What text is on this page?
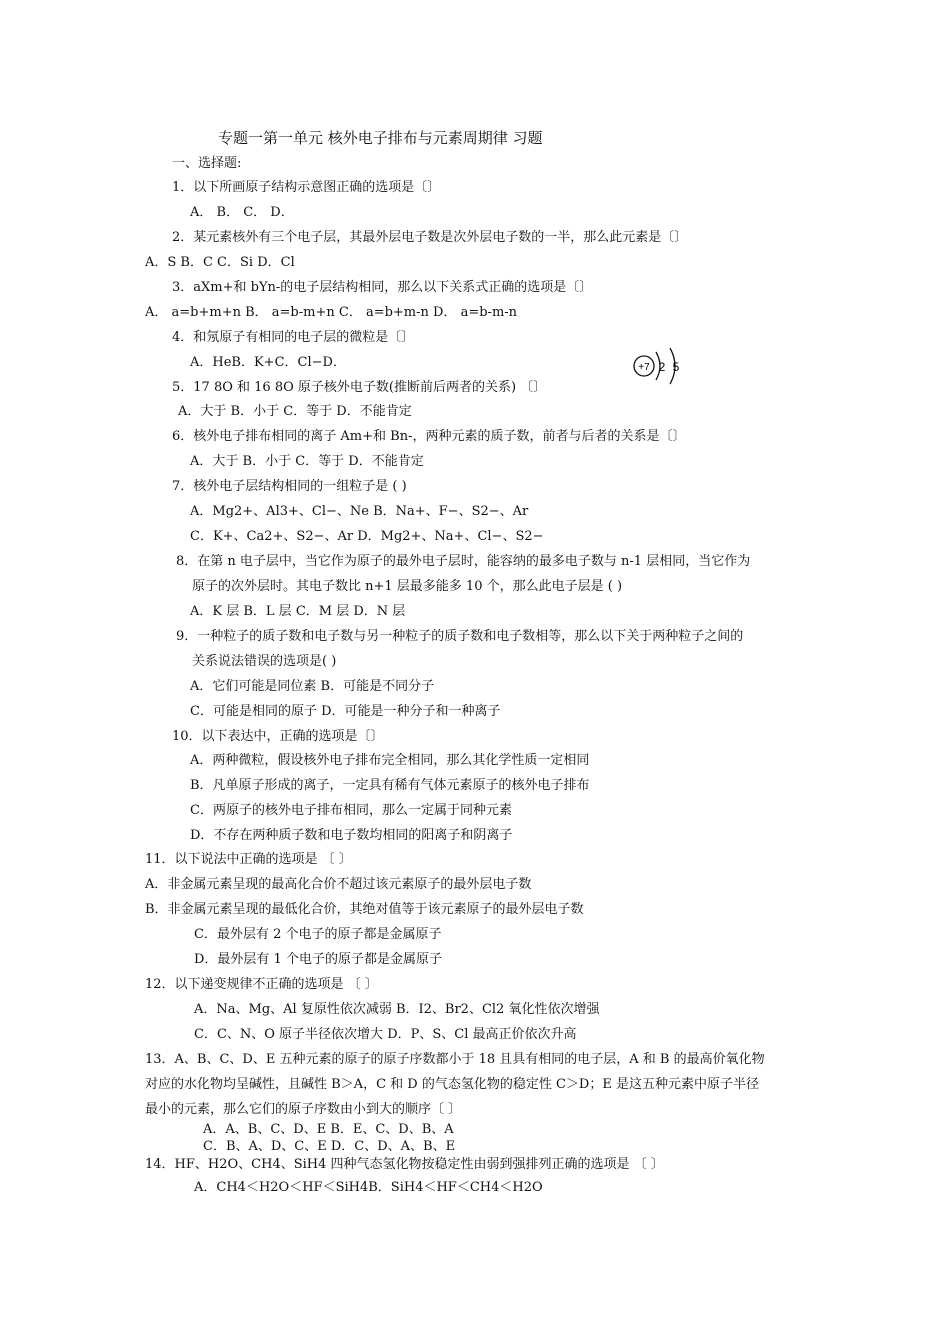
专题一第一单元 核外电子排布与元素周期律 习题
一、选择题:
1．以下所画原子结构示意图正确的选项是〔〕
A． B． C． D．
2．某元素核外有三个电子层，其最外层电子数是次外层电子数的一半，那么此元素是〔〕
A．S B．C C．Si D．Cl
3．aXm+和 bYn-的电子层结构相同，那么以下关系式正确的选项是〔〕
A． a=b+m+n B． a=b-m+n C． a=b+m-n D． a=b-m-n
4．和氖原子有相同的电子层的微粒是〔〕
A．HeB．K+C．Cl−D．
5．17 8O 和 16 8O 原子核外电子数(推断前后两者的关系) 〔〕
A．大于 B．小于 C．等于 D．不能肯定
6．核外电子排布相同的离子 Am+和 Bn-，两种元素的质子数，前者与后者的关系是〔〕
A．大于 B．小于 C．等于 D．不能肯定
7．核外电子层结构相同的一组粒子是 ( )
A．Mg2+、Al3+、Cl−、Ne B．Na+、F−、S2−、Ar
C．K+、Ca2+、S2−、Ar D．Mg2+、Na+、Cl−、S2−
8．在第 n 电子层中，当它作为原子的最外电子层时，能容纳的最多电子数与 n-1 层相同，当它作为
原子的次外层时。其电子数比 n+1 层最多能多 10 个，那么此电子层是 ( )
A．K 层 B．L 层 C．M 层 D．N 层
9．一种粒子的质子数和电子数与另一种粒子的质子数和电子数相等，那么以下关于两种粒子之间的
关系说法错误的选项是( )
A．它们可能是同位素 B．可能是不同分子
C．可能是相同的原子 D．可能是一种分子和一种离子
10．以下表达中，正确的选项是〔〕
A．两种微粒，假设核外电子排布完全相同，那么其化学性质一定相同
B．凡单原子形成的离子，一定具有稀有气体元素原子的核外电子排布
C．两原子的核外电子排布相同，那么一定属于同种元素
D．不存在两种质子数和电子数均相同的阳离子和阴离子
11．以下说法中正确的选项是 〔 〕
A．非金属元素呈现的最高化合价不超过该元素原子的最外层电子数
B．非金属元素呈现的最低化合价，其绝对值等于该元素原子的最外层电子数
C．最外层有 2 个电子的原子都是金属原子
D．最外层有 1 个电子的原子都是金属原子
12．以下递变规律不正确的选项是 〔 〕
A．Na、Mg、Al 复原性依次减弱 B．I2、Br2、Cl2 氧化性依次增强
C．C、N、O 原子半径依次增大 D．P、S、Cl 最高正价依次升高
13．A、B、C、D、E 五种元素的原子的原子序数都小于 18 且具有相同的电子层，A 和 B 的最高价氧化物
对应的水化物均呈碱性，且碱性 B＞A，C 和 D 的气态氢化物的稳定性 C＞D；E 是这五种元素中原子半径
最小的元素，那么它们的原子序数由小到大的顺序〔 〕
A．A、B、C、D、E B．E、C、D、B、A
C．B、A、D、C、E D．C、D、A、B、E
14．HF、H2O、CH4、SiH4 四种气态氢化物按稳定性由弱到强排列正确的选项是 〔 〕
A．CH4＜H2O＜HF＜SiH4B．SiH4＜HF＜CH4＜H2O
+7 2 5
